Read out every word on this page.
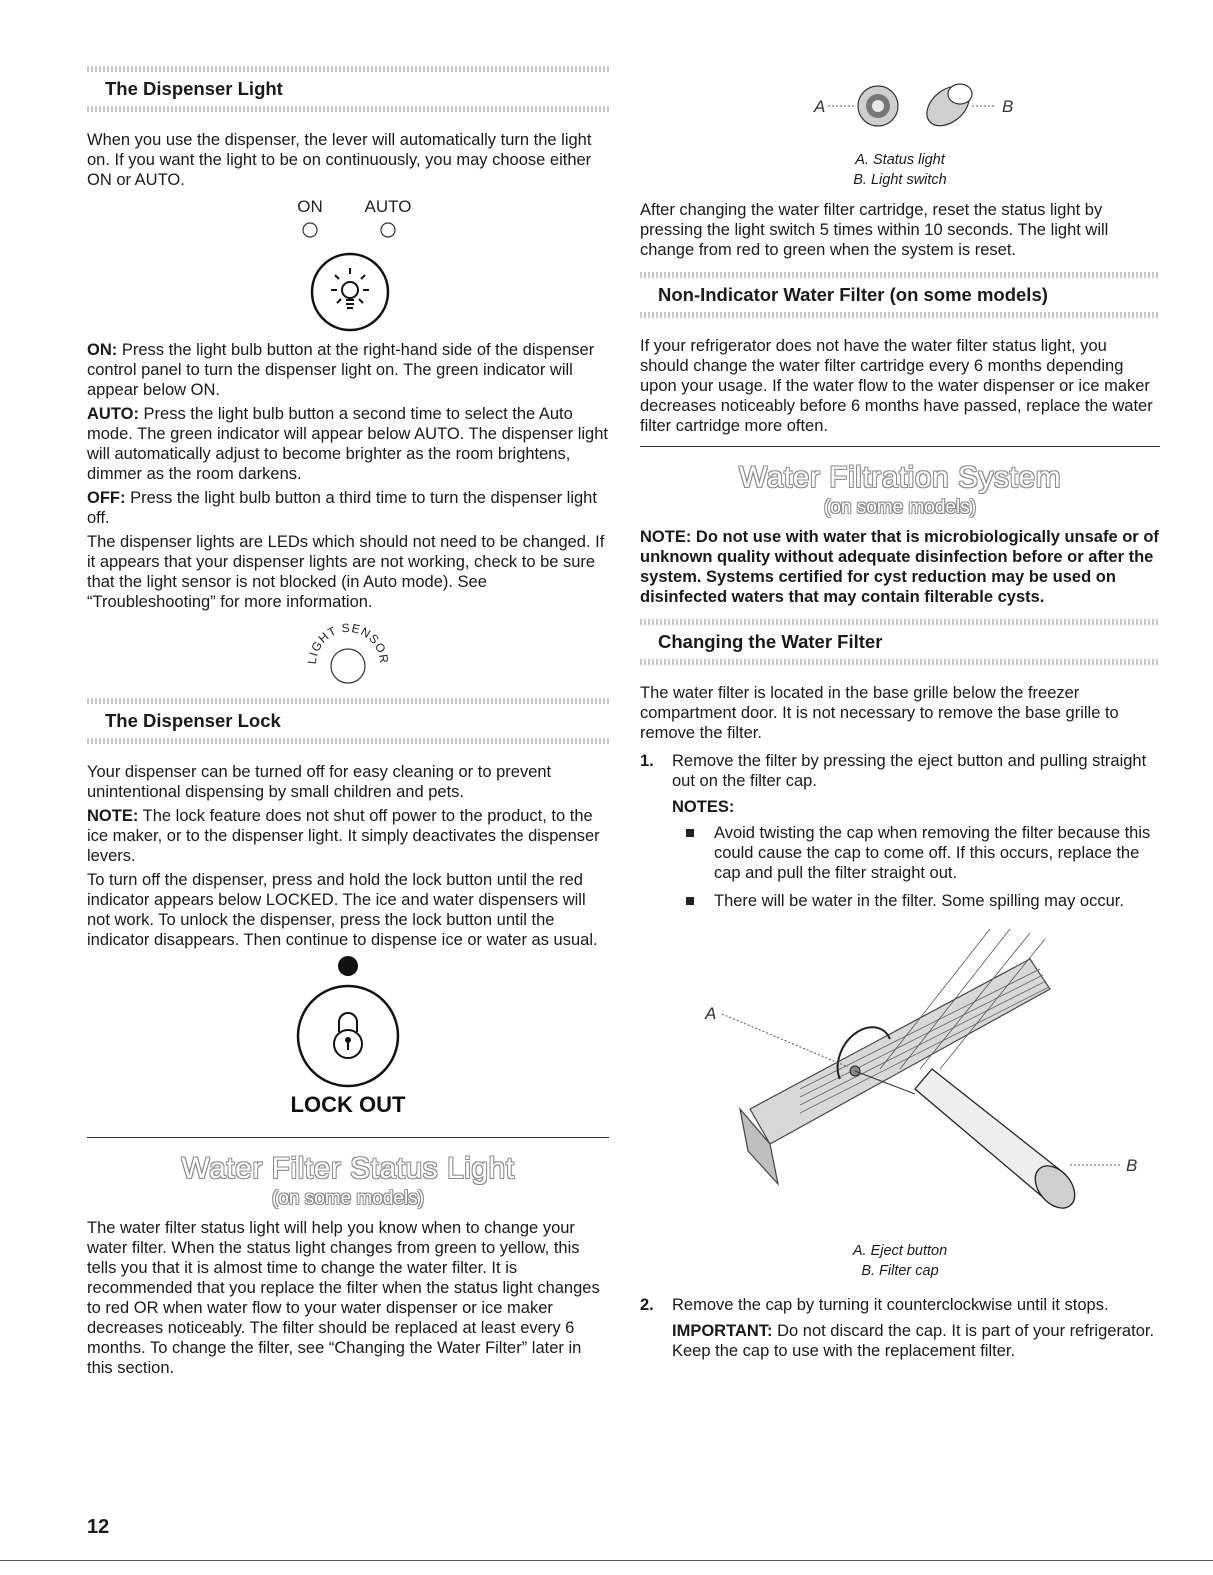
The Dispenser Light

When you use the dispenser, the lever will automatically turn the light on. If you want the light to be on continuously, you may choose either ON or AUTO.

ON AUTO

ON: Press the light bulb button at the right-hand side of the dispenser control panel to turn the dispenser light on. The green indicator will appear below ON.

AUTO: Press the light bulb button a second time to select the Auto mode. The green indicator will appear below AUTO. The dispenser light will automatically adjust to become brighter as the room brightens, dimmer as the room darkens.

OFF: Press the light bulb button a third time to turn the dispenser light off.

The dispenser lights are LEDs which should not need to be changed. If it appears that your dispenser lights are not working, check to be sure that the light sensor is not blocked (in Auto mode). See “Troubleshooting” for more information.

LIGHT SENSOR
The Dispenser Lock

Your dispenser can be turned off for easy cleaning or to prevent unintentional dispensing by small children and pets.

NOTE: The lock feature does not shut off power to the product, to the ice maker, or to the dispenser light. It simply deactivates the dispenser levers.

To turn off the dispenser, press and hold the lock button until the red indicator appears below LOCKED. The ice and water dispensers will not work. To unlock the dispenser, press the lock button until the indicator disappears. Then continue to dispense ice or water as usual.

LOCK OUT
Water Filter Status Light
(on some models)

The water filter status light will help you know when to change your water filter. When the status light changes from green to yellow, this tells you that it is almost time to change the water filter. It is recommended that you replace the filter when the status light changes to red OR when water flow to your water dispenser or ice maker decreases noticeably. The filter should be replaced at least every 6 months. To change the filter, see “Changing the Water Filter” later in this section.

A	B
A. Status light
B. Light switch

After changing the water filter cartridge, reset the status light by pressing the light switch 5 times within 10 seconds. The light will change from red to green when the system is reset.

Non-Indicator Water Filter (on some models)

If your refrigerator does not have the water filter status light, you should change the water filter cartridge every 6 months depending upon your usage. If the water flow to the water dispenser or ice maker decreases noticeably before 6 months have passed, replace the water filter cartridge more often.

Water Filtration System
(on some models)
NOTE: Do not use with water that is microbiologically unsafe or of unknown quality without adequate disinfection before or after the system. Systems certified for cyst reduction may be used on disinfected waters that may contain filterable cysts.
Changing the Water Filter

The water filter is located in the base grille below the freezer compartment door. It is not necessary to remove the base grille to remove the filter.

1.	Remove the filter by pressing the eject button and pulling straight out on the filter cap.
NOTES:
Avoid twisting the cap when removing the filter because this could cause the cap to come off. If this occurs, replace the cap and pull the filter straight out.
There will be water in the filter. Some spilling may occur.
A
B
A. Eject button
B. Filter cap
2.	Remove the cap by turning it counterclockwise until it stops.
IMPORTANT: Do not discard the cap. It is part of your refrigerator. Keep the cap to use with the replacement filter.
12
